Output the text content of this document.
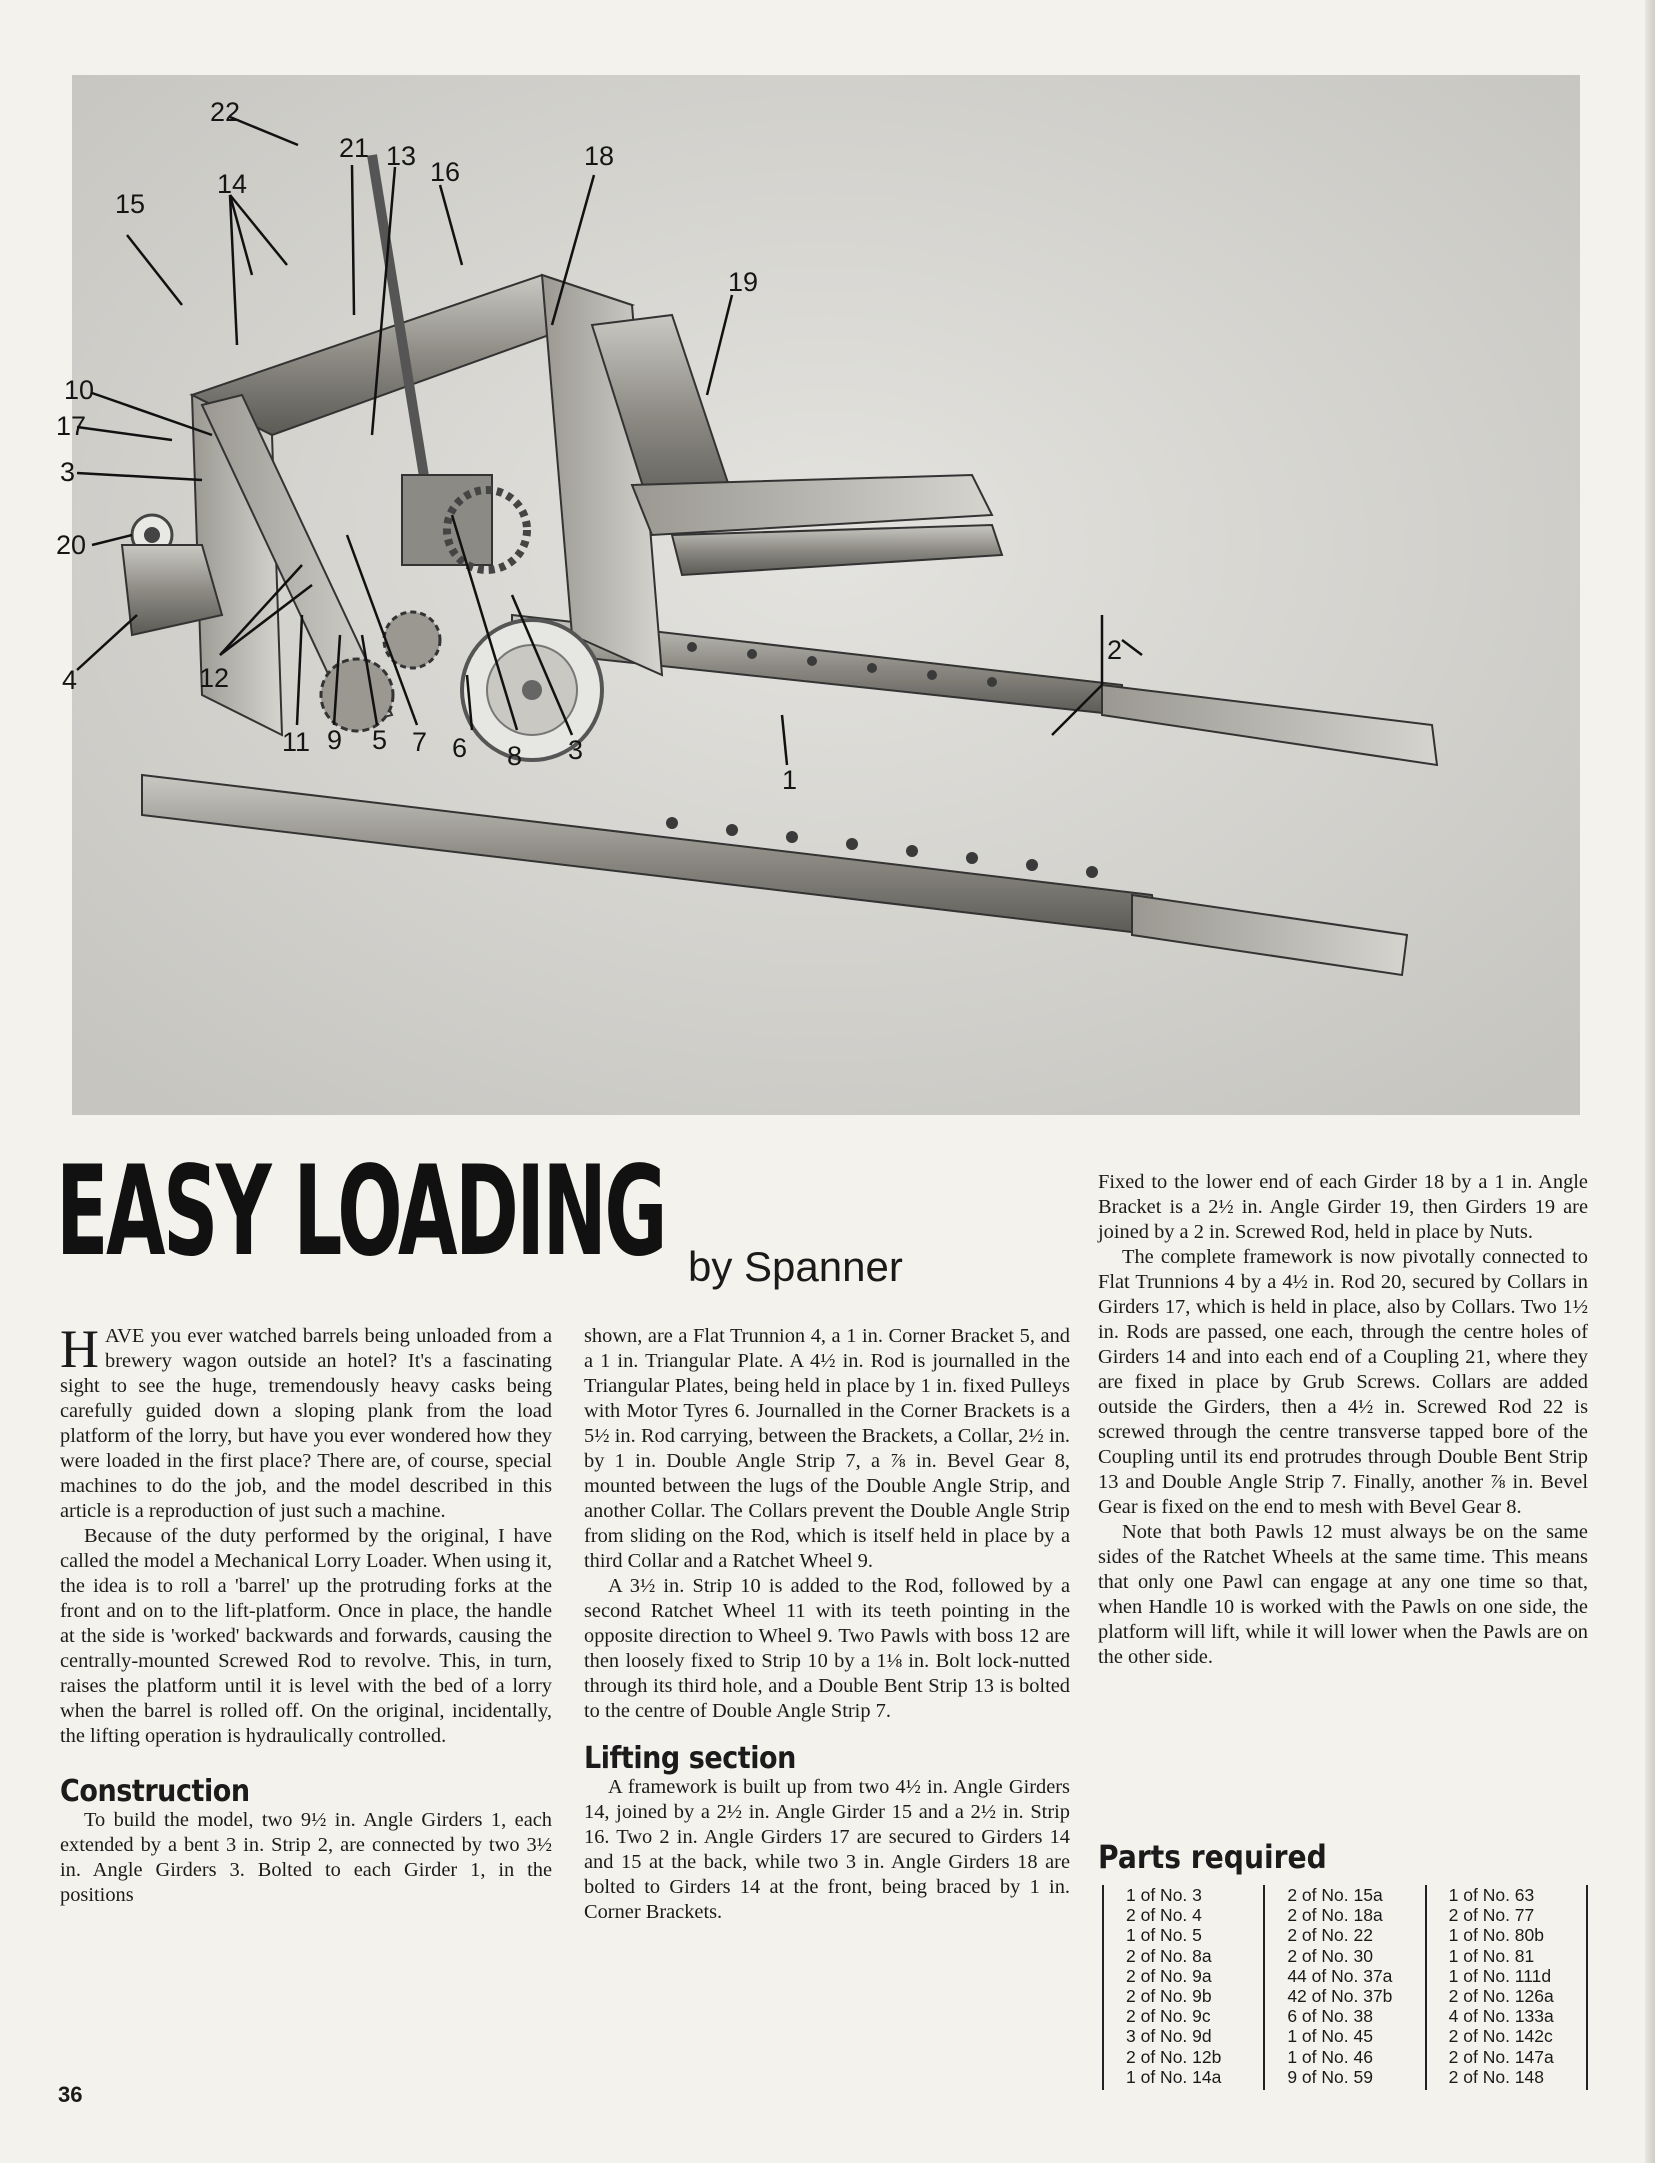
22
21 13
16
18
14
15
19
10
17
3
20
2
4	12
11 9 5 7 6 8 3
1
EASY LOADING by Spanner

HAVE you ever watched barrels being unloaded from a brewery wagon outside an hotel? It's a fascinating sight to see the huge, tremendously heavy casks being carefully guided down a sloping plank from the load platform of the lorry, but have you ever wondered how they were loaded in the first place? There are, of course, special machines to do the job, and the model described in this article is a reproduction of just such a machine.

Because of the duty performed by the original, I have called the model a Mechanical Lorry Loader. When using it, the idea is to roll a 'barrel' up the protruding forks at the front and on to the lift-platform. Once in place, the handle at the side is 'worked' backwards and forwards, causing the centrally-mounted Screwed Rod to revolve. This, in turn, raises the platform until it is level with the bed of a lorry when the barrel is rolled off. On the original, incidentally, the lifting operation is hydraulically controlled.

Construction

To build the model, two 9½ in. Angle Girders 1, each extended by a bent 3 in. Strip 2, are connected by two 3½ in. Angle Girders 3. Bolted to each Girder 1, in the positions

shown, are a Flat Trunnion 4, a 1 in. Corner Bracket 5, and a 1 in. Triangular Plate. A 4½ in. Rod is journalled in the Triangular Plates, being held in place by 1 in. fixed Pulleys with Motor Tyres 6. Journalled in the Corner Brackets is a 5½ in. Rod carrying, between the Brackets, a Collar, 2½ in. by 1 in. Double Angle Strip 7, a ⅞ in. Bevel Gear 8, mounted between the lugs of the Double Angle Strip, and another Collar. The Collars prevent the Double Angle Strip from sliding on the Rod, which is itself held in place by a third Collar and a Ratchet Wheel 9.

A 3½ in. Strip 10 is added to the Rod, followed by a second Ratchet Wheel 11 with its teeth pointing in the opposite direction to Wheel 9. Two Pawls with boss 12 are then loosely fixed to Strip 10 by a 1⅛ in. Bolt lock-nutted through its third hole, and a Double Bent Strip 13 is bolted to the centre of Double Angle Strip 7.

Lifting section

A framework is built up from two 4½ in. Angle Girders 14, joined by a 2½ in. Angle Girder 15 and a 2½ in. Strip 16. Two 2 in. Angle Girders 17 are secured to Girders 14 and 15 at the back, while two 3 in. Angle Girders 18 are bolted to Girders 14 at the front, being braced by 1 in. Corner Brackets.

Fixed to the lower end of each Girder 18 by a 1 in. Angle Bracket is a 2½ in. Angle Girder 19, then Girders 19 are joined by a 2 in. Screwed Rod, held in place by Nuts.

The complete framework is now pivotally connected to Flat Trunnions 4 by a 4½ in. Rod 20, secured by Collars in Girders 17, which is held in place, also by Collars. Two 1½ in. Rods are passed, one each, through the centre holes of Girders 14 and into each end of a Coupling 21, where they are fixed in place by Grub Screws. Collars are added outside the Girders, then a 4½ in. Screwed Rod 22 is screwed through the centre transverse tapped bore of the Coupling until its end protrudes through Double Bent Strip 13 and Double Angle Strip 7. Finally, another ⅞ in. Bevel Gear is fixed on the end to mesh with Bevel Gear 8.

Note that both Pawls 12 must always be on the same sides of the Ratchet Wheels at the same time. This means that only one Pawl can engage at any one time so that, when Handle 10 is worked with the Pawls on one side, the platform will lift, while it will lower when the Pawls are on the other side.

Parts required
1 of No. 3
2 of No. 4
1 of No. 5
2 of No. 8a
2 of No. 9a
2 of No. 9b
2 of No. 9c
3 of No. 9d
2 of No. 12b
1 of No. 14a
2 of No. 15a
2 of No. 18a
2 of No. 22
2 of No. 30
44 of No. 37a
42 of No. 37b
6 of No. 38
1 of No. 45
1 of No. 46
9 of No. 59
1 of No. 63
2 of No. 77
1 of No. 80b
1 of No. 81
1 of No. 111d
2 of No. 126a
4 of No. 133a
2 of No. 142c
2 of No. 147a
2 of No. 148
36
